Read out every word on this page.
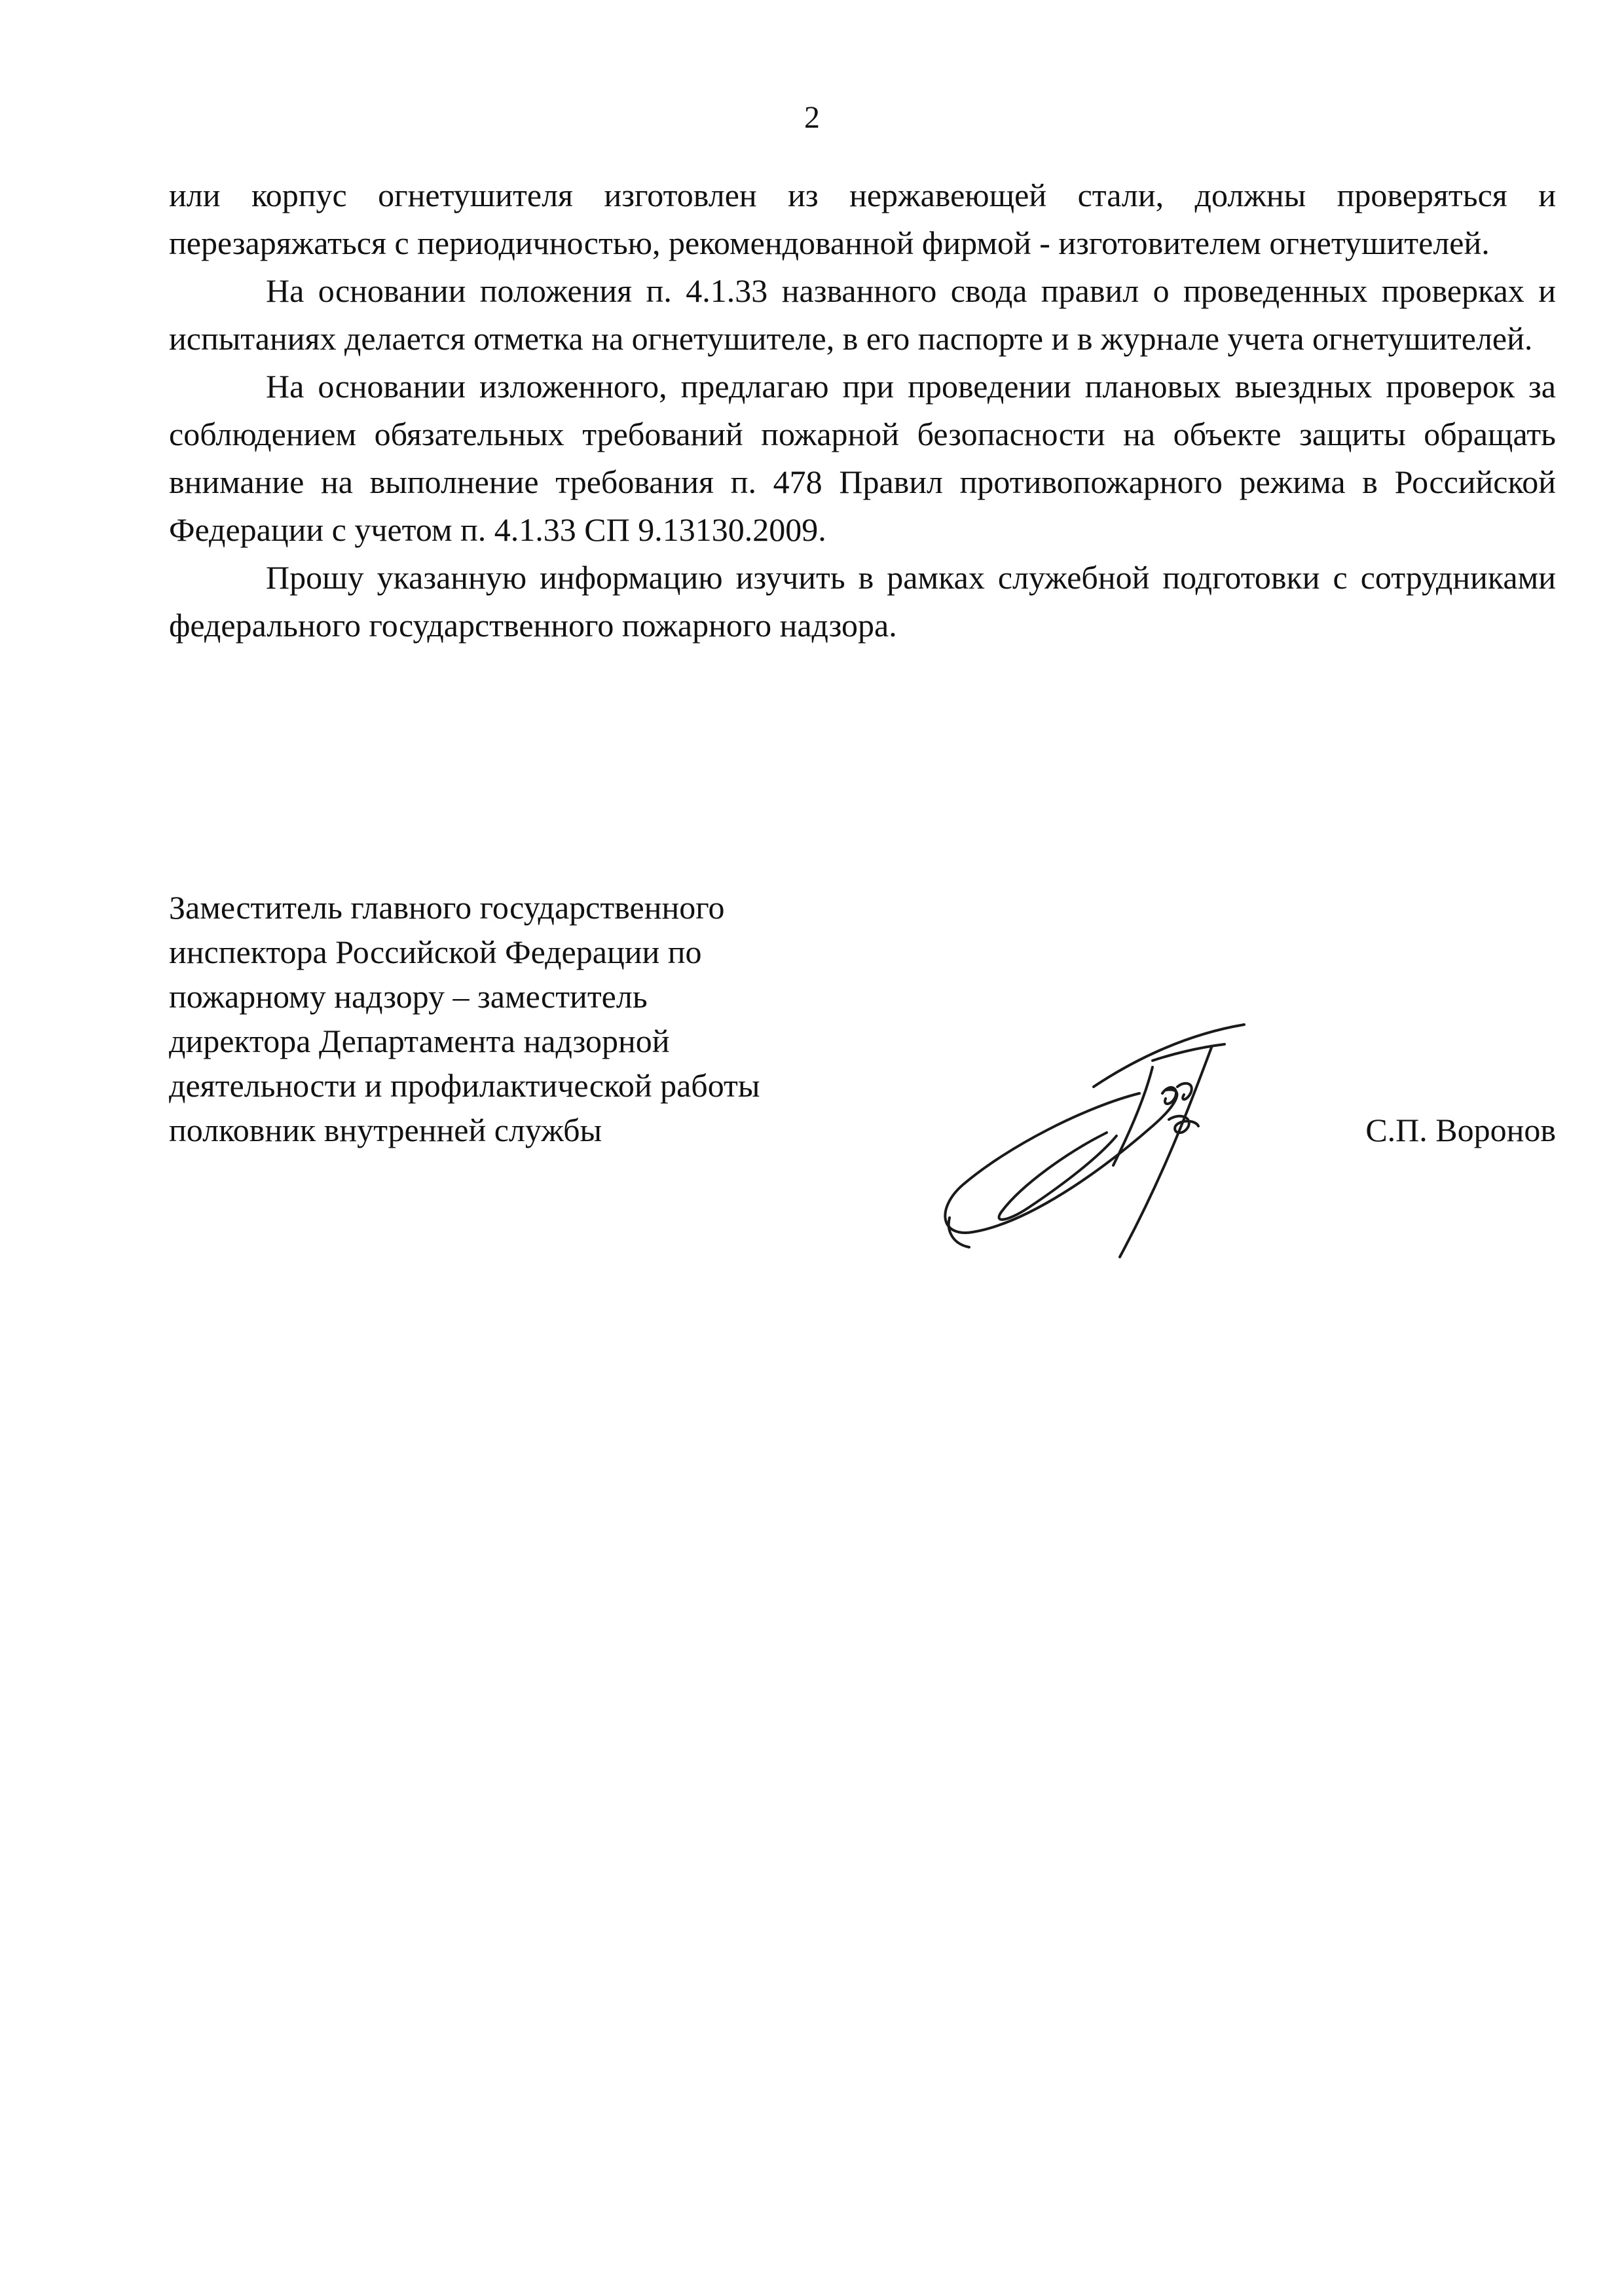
2

или корпус огнетушителя изготовлен из нержавеющей стали, должны проверяться и перезаряжаться с периодичностью, рекомендованной фирмой - изготовителем огнетушителей.

На основании положения п. 4.1.33 названного свода правил о проведенных проверках и испытаниях делается отметка на огнетушителе, в его паспорте и в журнале учета огнетушителей.

На основании изложенного, предлагаю при проведении плановых выездных проверок за соблюдением обязательных требований пожарной безопасности на объекте защиты обращать внимание на выполнение требования п. 478 Правил противопожарного режима в Российской Федерации с учетом п. 4.1.33 СП 9.13130.2009.

Прошу указанную информацию изучить в рамках служебной подготовки с сотрудниками федерального государственного пожарного надзора.

Заместитель главного государственного
инспектора Российской Федерации по
пожарному надзору – заместитель
директора Департамента надзорной
деятельности и профилактической работы
полковник внутренней службы	С.П. Воронов
